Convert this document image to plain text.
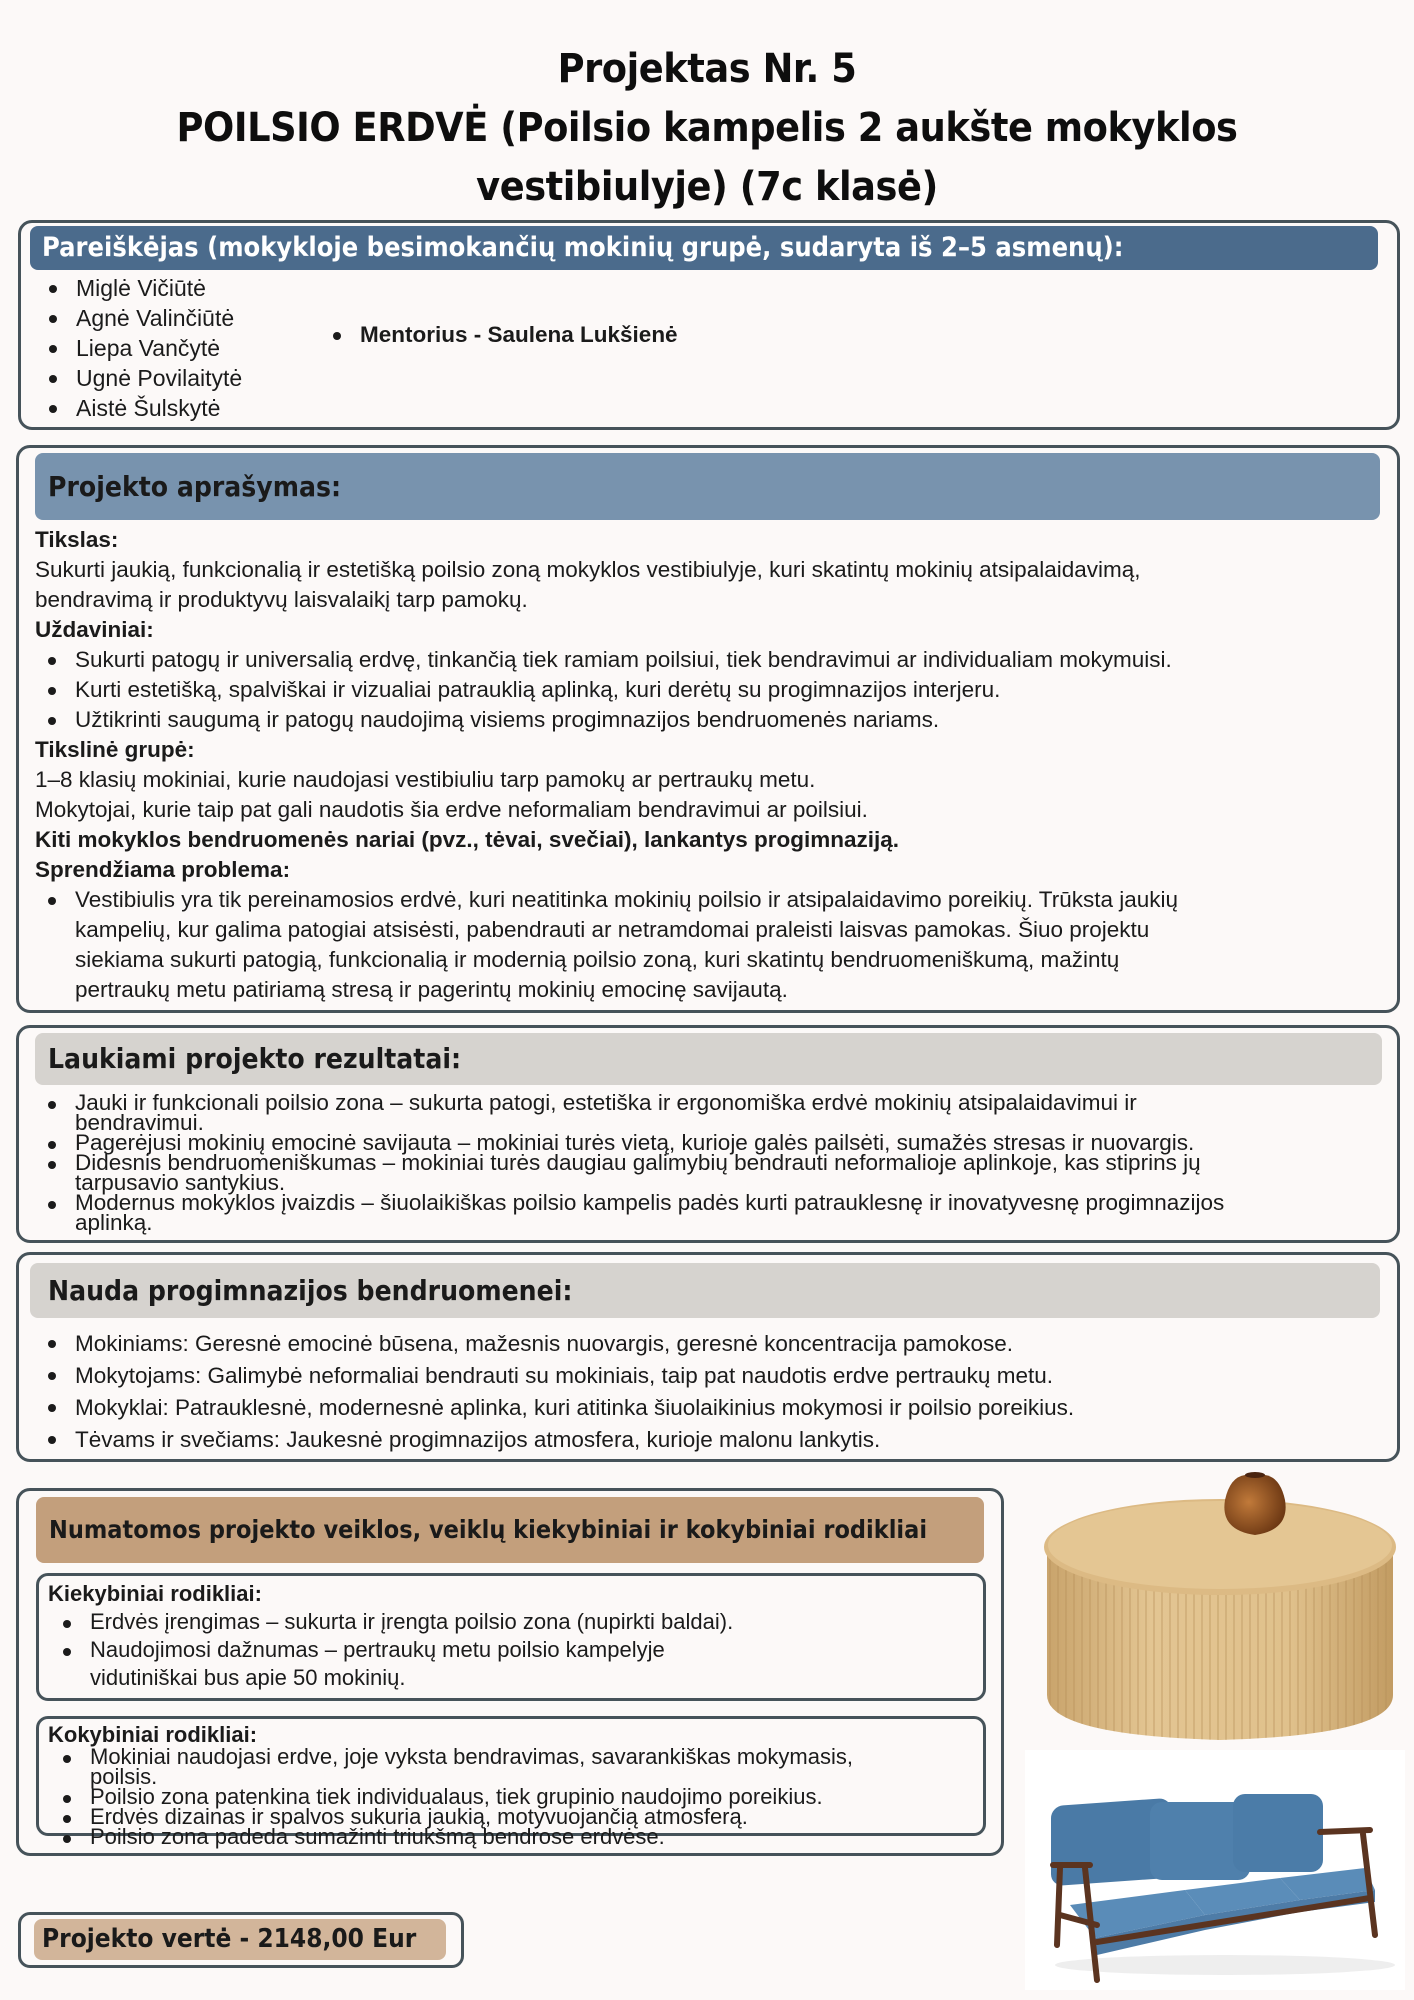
Projektas Nr. 5
POILSIO ERDVĖ (Poilsio kampelis 2 aukšte mokyklos
vestibiulyje) (7c klasė)
Pareiškėjas (mokykloje besimokančių mokinių grupė, sudaryta iš 2–5 asmenų):
Miglė Vičiūtė
Agnė Valinčiūtė
Liepa Vančytė
Ugnė Povilaitytė
Aistė Šulskytė
Mentorius - Saulena Lukšienė
Projekto aprašymas:
Tikslas:
Sukurti jaukią, funkcionalią ir estetišką poilsio zoną mokyklos vestibiulyje, kuri skatintų mokinių atsipalaidavimą,
bendravimą ir produktyvų laisvalaikį tarp pamokų.
Uždaviniai:
Sukurti patogų ir universalią erdvę, tinkančią tiek ramiam poilsiui, tiek bendravimui ar individualiam mokymuisi.
Kurti estetišką, spalviškai ir vizualiai patrauklią aplinką, kuri derėtų su progimnazijos interjeru.
Užtikrinti saugumą ir patogų naudojimą visiems progimnazijos bendruomenės nariams.
Tikslinė grupė:
1–8 klasių mokiniai, kurie naudojasi vestibiuliu tarp pamokų ar pertraukų metu.
Mokytojai, kurie taip pat gali naudotis šia erdve neformaliam bendravimui ar poilsiui.
Kiti mokyklos bendruomenės nariai (pvz., tėvai, svečiai), lankantys progimnaziją.
Sprendžiama problema:
Vestibiulis yra tik pereinamosios erdvė, kuri neatitinka mokinių poilsio ir atsipalaidavimo poreikių. Trūksta jaukių
kampelių, kur galima patogiai atsisėsti, pabendrauti ar netramdomai praleisti laisvas pamokas. Šiuo projektu
siekiama sukurti patogią, funkcionalią ir modernią poilsio zoną, kuri skatintų bendruomeniškumą, mažintų
pertraukų metu patiriamą stresą ir pagerintų mokinių emocinę savijautą.
Laukiami projekto rezultatai:
Jauki ir funkcionali poilsio zona – sukurta patogi, estetiška ir ergonomiška erdvė mokinių atsipalaidavimui ir
bendravimui.
Pagerėjusi mokinių emocinė savijauta – mokiniai turės vietą, kurioje galės pailsėti, sumažės stresas ir nuovargis.
Didesnis bendruomeniškumas – mokiniai turės daugiau galimybių bendrauti neformalioje aplinkoje, kas stiprins jų
tarpusavio santykius.
Modernus mokyklos įvaizdis – šiuolaikiškas poilsio kampelis padės kurti patrauklesnę ir inovatyvesnę progimnazijos
aplinką.
Nauda progimnazijos bendruomenei:
Mokiniams: Geresnė emocinė būsena, mažesnis nuovargis, geresnė koncentracija pamokose.
Mokytojams: Galimybė neformaliai bendrauti su mokiniais, taip pat naudotis erdve pertraukų metu.
Mokyklai: Patrauklesnė, modernesnė aplinka, kuri atitinka šiuolaikinius mokymosi ir poilsio poreikius.
Tėvams ir svečiams: Jaukesnė progimnazijos atmosfera, kurioje malonu lankytis.
Numatomos projekto veiklos, veiklų kiekybiniai ir kokybiniai rodikliai
Kiekybiniai rodikliai:
Erdvės įrengimas – sukurta ir įrengta poilsio zona (nupirkti baldai).
Naudojimosi dažnumas – pertraukų metu poilsio kampelyje
vidutiniškai bus apie 50 mokinių.
Kokybiniai rodikliai:
Mokiniai naudojasi erdve, joje vyksta bendravimas, savarankiškas mokymasis,
poilsis.
Poilsio zona patenkina tiek individualaus, tiek grupinio naudojimo poreikius.
Erdvės dizainas ir spalvos sukuria jaukią, motyvuojančią atmosferą.
Poilsio zona padeda sumažinti triukšmą bendrose erdvėse.
Projekto vertė - 2148,00 Eur
